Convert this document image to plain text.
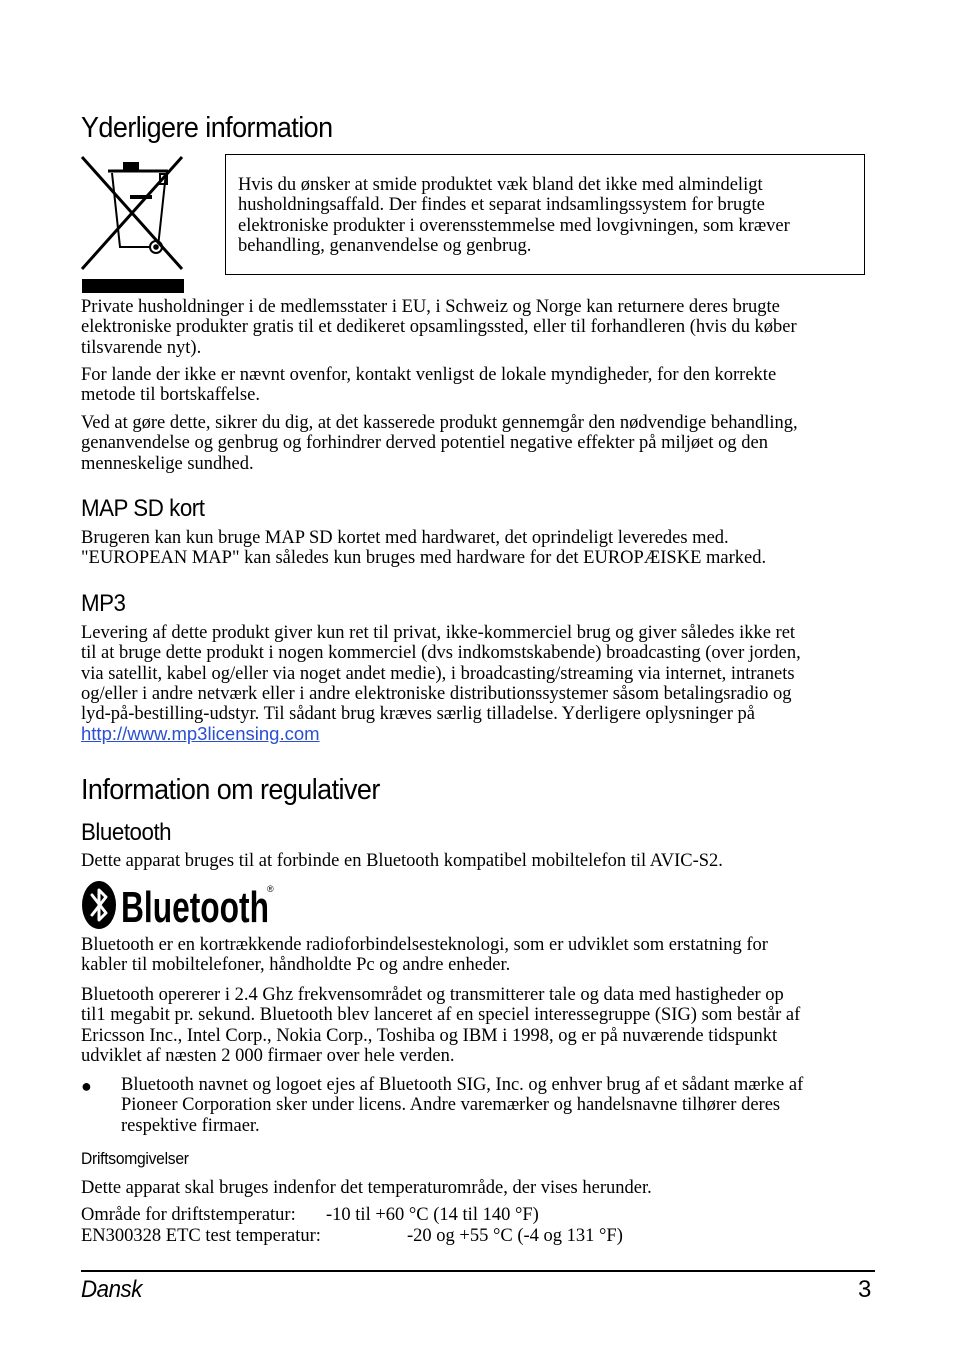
Yderligere information
Hvis du ønsker at smide produktet væk bland det ikke med almindeligt
husholdningsaffald. Der findes et separat indsamlingssystem for brugte
elektroniske produkter i overensstemmelse med lovgivningen, som kræver
behandling, genanvendelse og genbrug.
Private husholdninger i de medlemsstater i EU, i Schweiz og Norge kan returnere deres brugte
elektroniske produkter gratis til et dedikeret opsamlingssted, eller til forhandleren (hvis du køber
tilsvarende nyt).
For lande der ikke er nævnt ovenfor, kontakt venligst de lokale myndigheder, for den korrekte
metode til bortskaffelse.
Ved at gøre dette, sikrer du dig, at det kasserede produkt gennemgår den nødvendige behandling,
genanvendelse og genbrug og forhindrer derved potentiel negative effekter på miljøet og den
menneskelige sundhed.
MAP SD kort
Brugeren kan kun bruge MAP SD kortet med hardwaret, det oprindeligt leveredes med.
"EUROPEAN MAP" kan således kun bruges med hardware for det EUROPÆISKE marked.
MP3
Levering af dette produkt giver kun ret til privat, ikke-kommerciel brug og giver således ikke ret
til at bruge dette produkt i nogen kommerciel (dvs indkomstskabende) broadcasting (over jorden,
via satellit, kabel og/eller via noget andet medie), i broadcasting/streaming via internet, intranets
og/eller i andre netværk eller i andre elektroniske distributionssystemer såsom betalingsradio og
lyd-på-bestilling-udstyr. Til sådant brug kræves særlig tilladelse. Yderligere oplysninger på
http://www.mp3licensing.com
Information om regulativer
Bluetooth
Dette apparat bruges til at forbinde en Bluetooth kompatibel mobiltelefon til AVIC-S2.
Bluetooth
®
Bluetooth er en kortrækkende radioforbindelsesteknologi, som er udviklet som erstatning for
kabler til mobiltelefoner, håndholdte Pc og andre enheder.
Bluetooth opererer i 2.4 Ghz frekvensområdet og transmitterer tale og data med hastigheder op
til1 megabit pr. sekund. Bluetooth blev lanceret af en speciel interessegruppe (SIG) som består af
Ericsson Inc., Intel Corp., Nokia Corp., Toshiba og IBM i 1998, og er på nuværende tidspunkt
udviklet af næsten 2 000 firmaer over hele verden.
● Bluetooth navnet og logoet ejes af Bluetooth SIG, Inc. og enhver brug af et sådant mærke af
Pioneer Corporation sker under licens. Andre varemærker og handelsnavne tilhører deres
respektive firmaer.
Driftsomgivelser
Dette apparat skal bruges indenfor det temperaturområde, der vises herunder.
Område for driftstemperatur: -10 til +60 °C (14 til 140 °F)
EN300328 ETC test temperatur:	-20 og +55 °C (-4 og 131 °F)
Dansk	3
